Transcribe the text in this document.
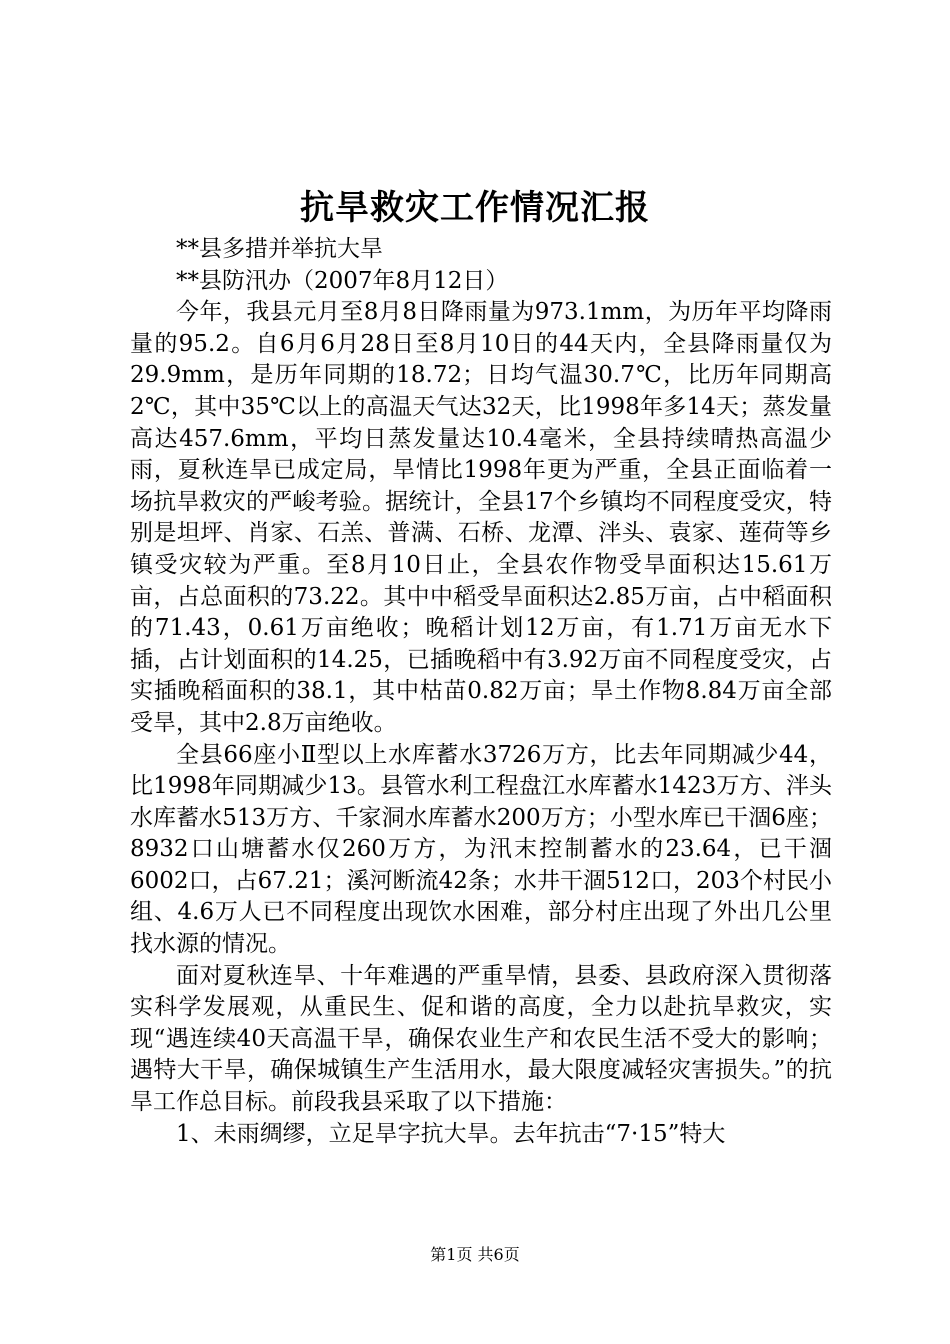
抗旱救灾工作情况汇报

**县多措并举抗大旱

**县防汛办（2007年8月12日）

今年，我县元月至8月8日降雨量为973.1mm，为历年平均降雨量的95.2。自6月6月28日至8月10日的44天内，全县降雨量仅为29.9mm，是历年同期的18.72；日均气温30.7℃，比历年同期高2℃，其中35℃以上的高温天气达32天，比1998年多14天；蒸发量高达457.6mm，平均日蒸发量达10.4毫米，全县持续晴热高温少雨，夏秋连旱已成定局，旱情比1998年更为严重，全县正面临着一场抗旱救灾的严峻考验。据统计，全县17个乡镇均不同程度受灾，特别是坦坪、肖家、石羔、普满、石桥、龙潭、泮头、袁家、莲荷等乡镇受灾较为严重。至8月10日止，全县农作物受旱面积达15.61万亩，占总面积的73.22。其中中稻受旱面积达2.85万亩，占中稻面积的71.43，0.61万亩绝收；晚稻计划12万亩，有1.71万亩无水下插，占计划面积的14.25，已插晚稻中有3.92万亩不同程度受灾，占实插晚稻面积的38.1，其中枯苗0.82万亩；旱土作物8.84万亩全部受旱，其中2.8万亩绝收。

全县66座小Ⅱ型以上水库蓄水3726万方，比去年同期减少44，比1998年同期减少13。县管水利工程盘江水库蓄水1423万方、泮头水库蓄水513万方、千家洞水库蓄水200万方；小型水库已干涸6座；8932口山塘蓄水仅260万方，为汛末控制蓄水的23.64，已干涸6002口，占67.21；溪河断流42条；水井干涸512口，203个村民小组、4.6万人已不同程度出现饮水困难，部分村庄出现了外出几公里找水源的情况。

面对夏秋连旱、十年难遇的严重旱情，县委、县政府深入贯彻落实科学发展观，从重民生、促和谐的高度，全力以赴抗旱救灾，实现“遇连续40天高温干旱，确保农业生产和农民生活不受大的影响；遇特大干旱，确保城镇生产生活用水，最大限度减轻灾害损失。”的抗旱工作总目标。前段我县采取了以下措施：

1、未雨绸缪，立足旱字抗大旱。去年抗击“7·15”特大

第1页 共6页
